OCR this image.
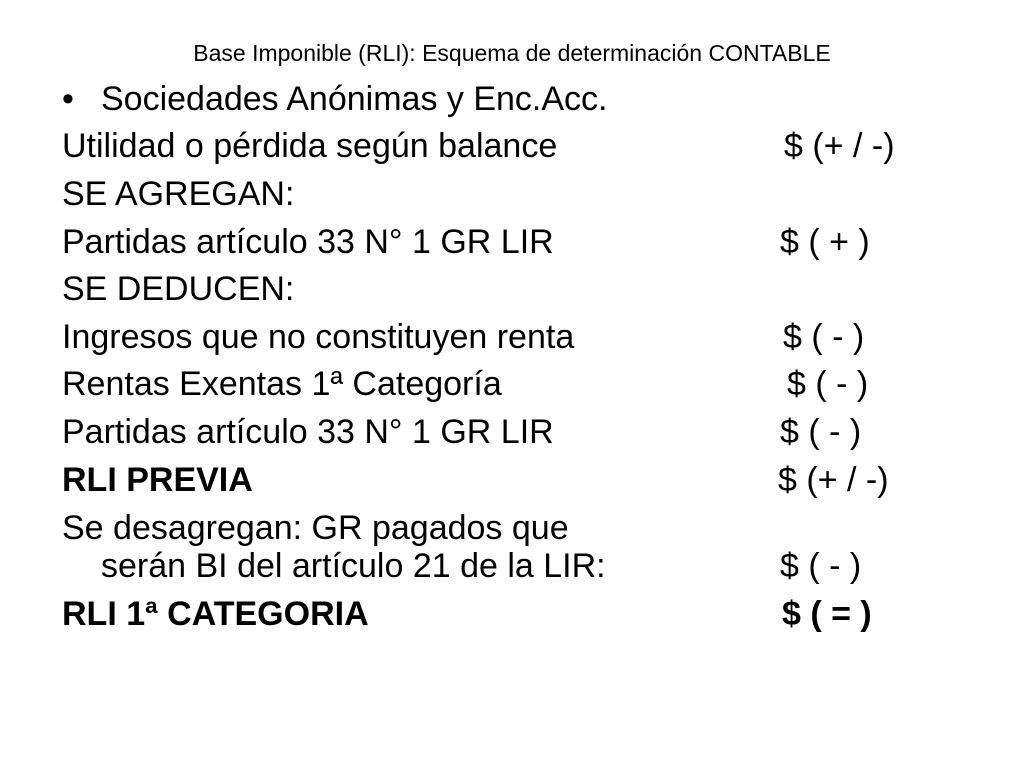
Base Imponible (RLI): Esquema de determinación CONTABLE
• Sociedades Anónimas y Enc.Acc.
Utilidad o pérdida según balance	$ (+ / -)
SE AGREGAN:
Partidas artículo 33 N° 1 GR LIR	$ ( + )
SE DEDUCEN:
Ingresos que no constituyen renta	$ ( - )
Rentas Exentas 1ª Categoría	$ ( - )
Partidas artículo 33 N° 1 GR LIR	$ ( - )
RLI PREVIA	$ (+ / -)
Se desagregan: GR pagados que
serán BI del artículo 21 de la LIR:	$ ( - )
RLI 1ª CATEGORIA	$ ( = )
